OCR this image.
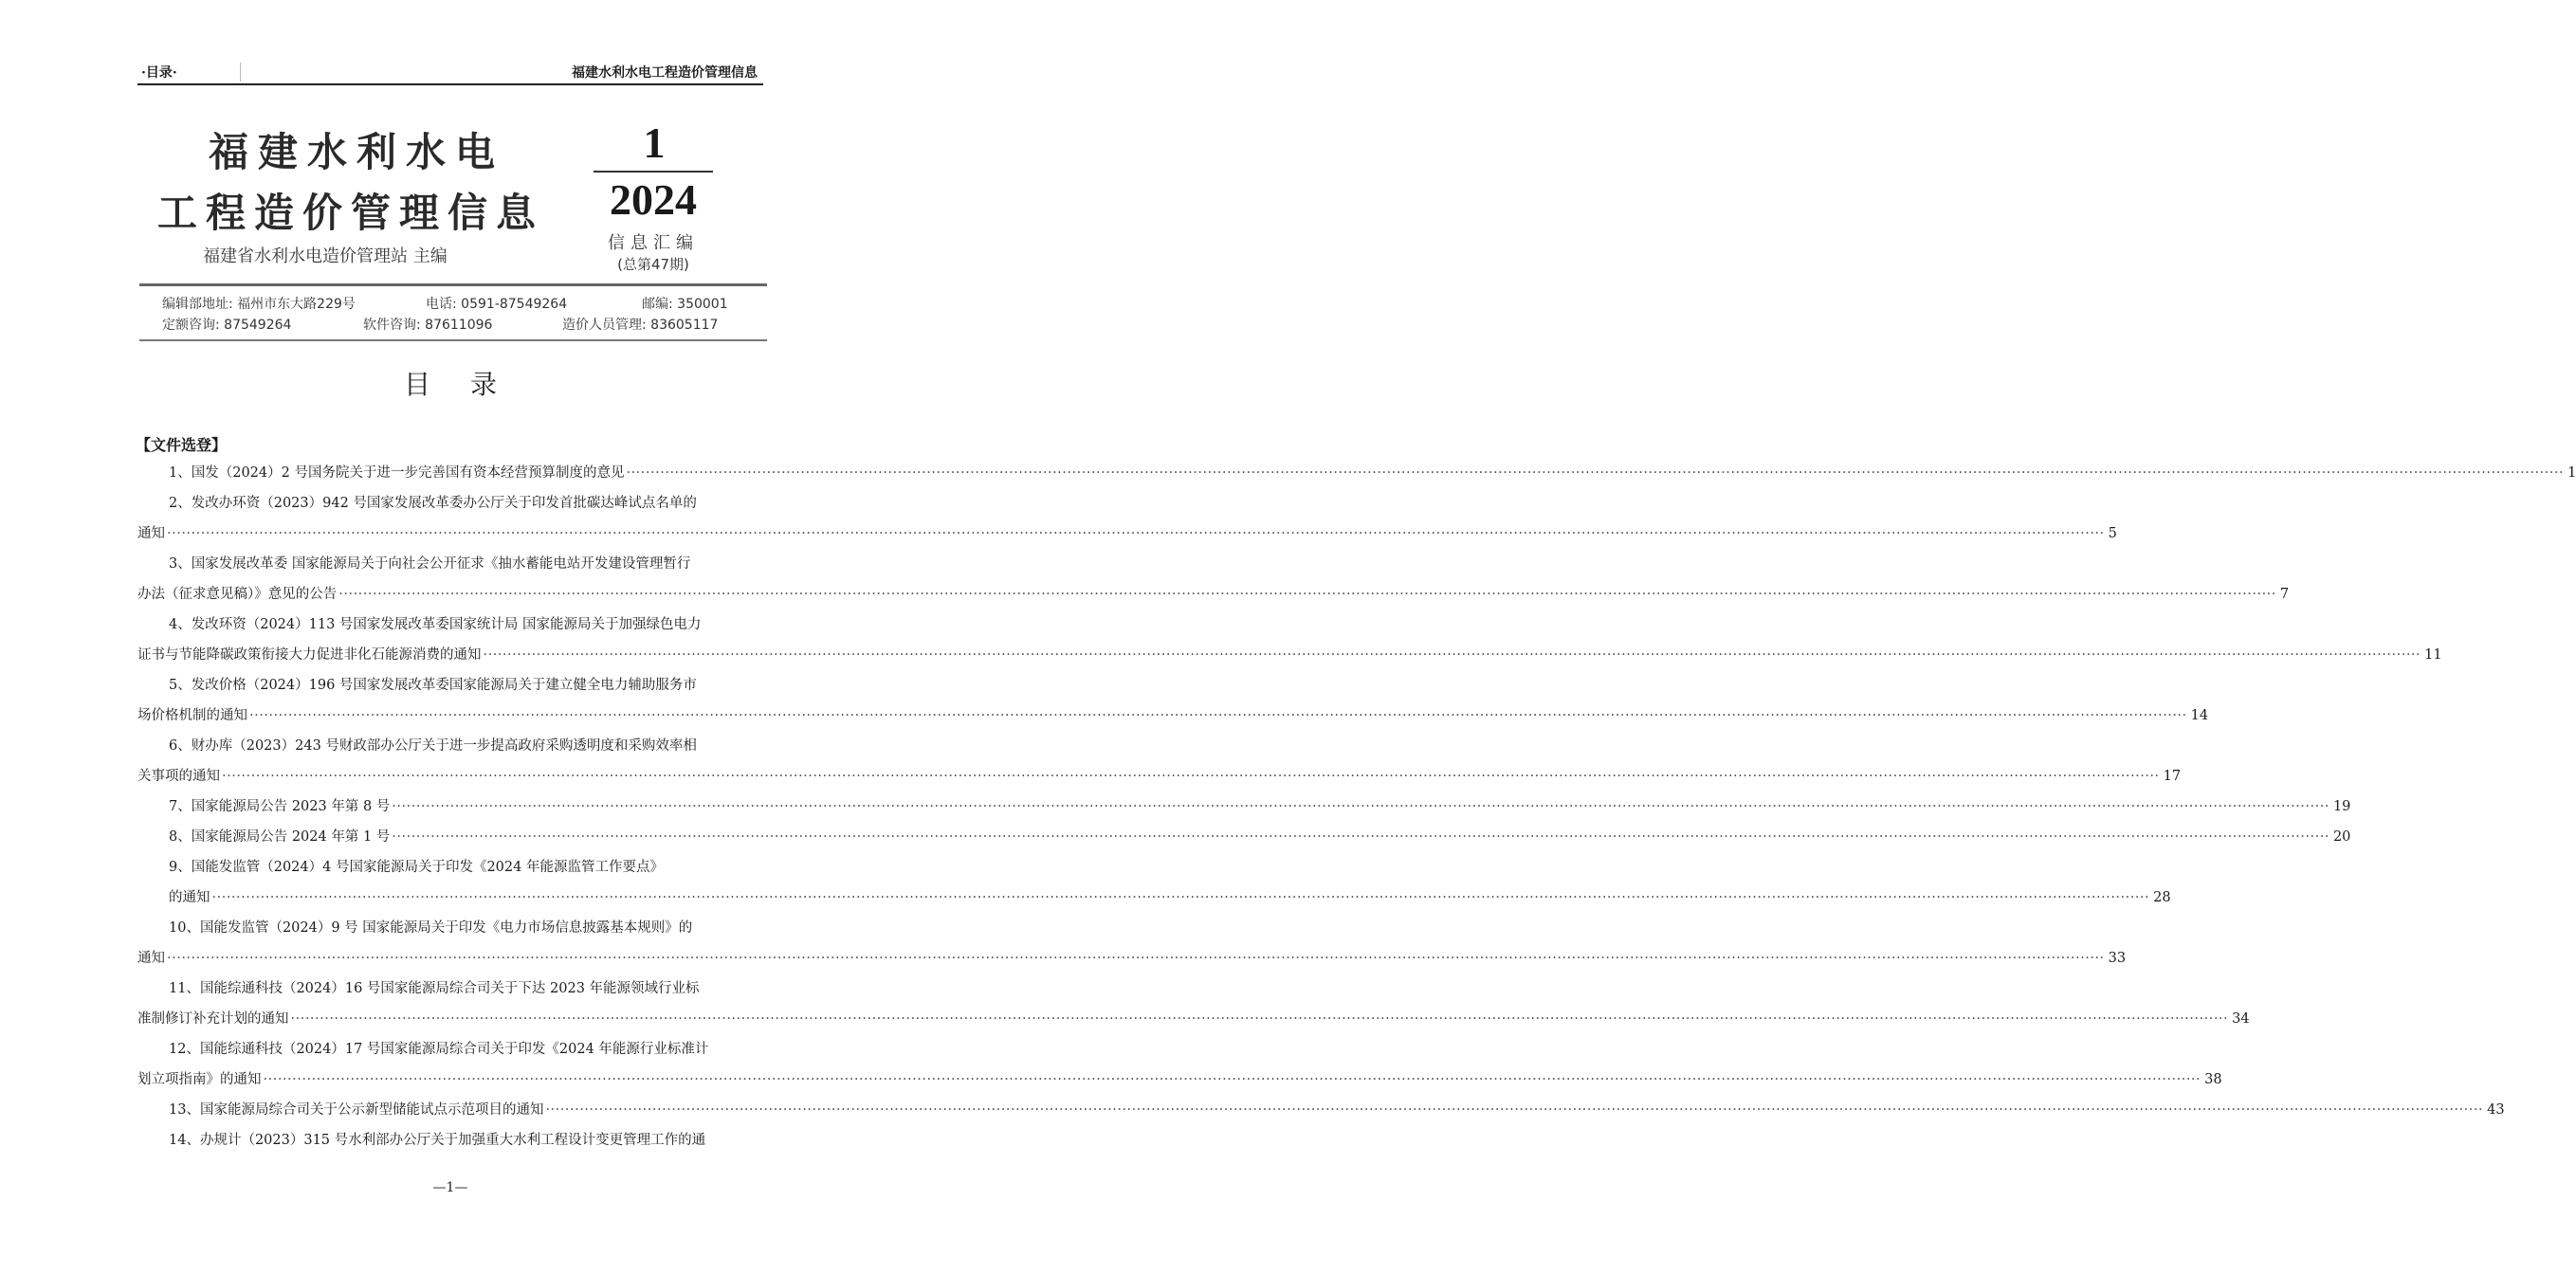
·目录·	福建水利水电工程造价管理信息
福建水利水电
工程造价管理信息
福建省水利水电造价管理站 主编
1
2024
信息汇编
(总第47期)
编辑部地址: 福州市东大路229号	电话: 0591-87549264	邮编: 350001
定额咨询: 87549264	软件咨询: 87611096	造价人员管理: 83605117
目录
【文件选登】
1、国发（2024）2 号国务院关于进一步完善国有资本经营预算制度的意见 ················································································································································································································································································································································································································ 1
2、发改办环资（2023）942 号国家发展改革委办公厅关于印发首批碳达峰试点名单的
通知 ················································································································································································································································································································································································································ 5
3、国家发展改革委 国家能源局关于向社会公开征求《抽水蓄能电站开发建设管理暂行
办法（征求意见稿）》意见的公告 ················································································································································································································································································································································································································ 7
4、发改环资（2024）113 号国家发展改革委国家统计局 国家能源局关于加强绿色电力
证书与节能降碳政策衔接大力促进非化石能源消费的通知 ················································································································································································································································································································································································································ 11
5、发改价格（2024）196 号国家发展改革委国家能源局关于建立健全电力辅助服务市
场价格机制的通知 ················································································································································································································································································································································································································ 14
6、财办库（2023）243 号财政部办公厅关于进一步提高政府采购透明度和采购效率相
关事项的通知 ················································································································································································································································································································································································································ 17
7、国家能源局公告 2023 年第 8 号 ················································································································································································································································································································································································································ 19
8、国家能源局公告 2024 年第 1 号 ················································································································································································································································································································································································································ 20
9、国能发监管（2024）4 号国家能源局关于印发《2024 年能源监管工作要点》
的通知 ················································································································································································································································································································································································································ 28
10、国能发监管（2024）9 号 国家能源局关于印发《电力市场信息披露基本规则》的
通知 ················································································································································································································································································································································································································ 33
11、国能综通科技（2024）16 号国家能源局综合司关于下达 2023 年能源领域行业标
准制修订补充计划的通知 ················································································································································································································································································································································································································ 34
12、国能综通科技（2024）17 号国家能源局综合司关于印发《2024 年能源行业标准计
划立项指南》的通知 ················································································································································································································································································································································································································ 38
13、国家能源局综合司关于公示新型储能试点示范项目的通知 ················································································································································································································································································································································································································ 43
14、办规计（2023）315 号水利部办公厅关于加强重大水利工程设计变更管理工作的通
—1—
